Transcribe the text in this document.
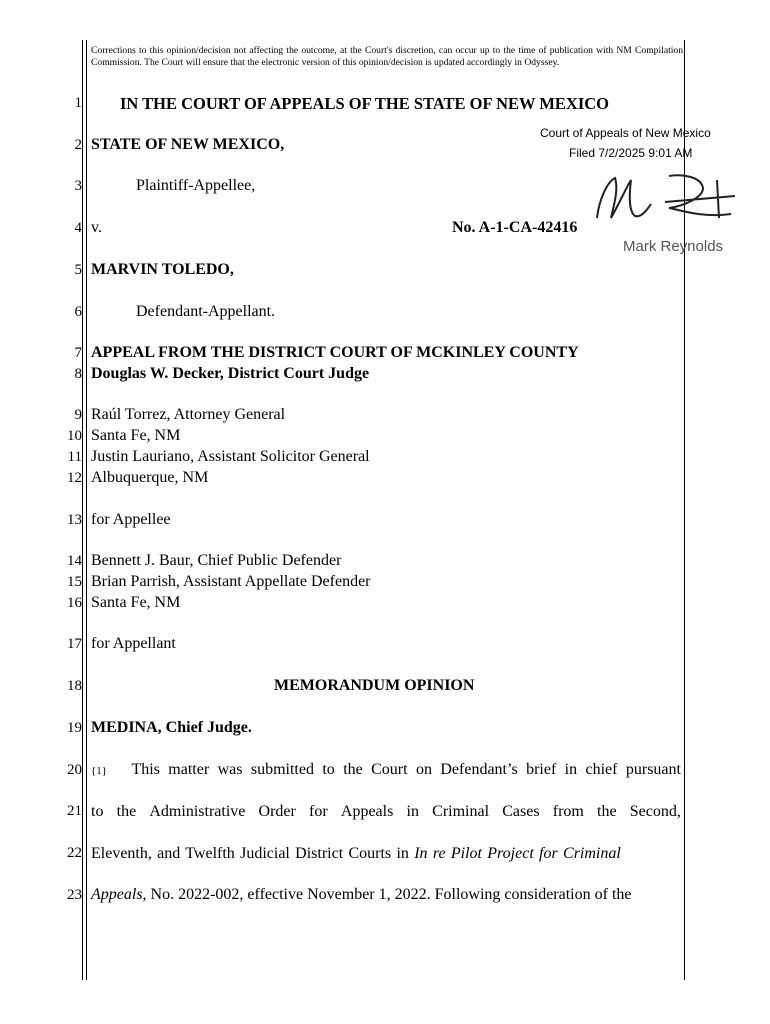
Corrections to this opinion/decision not affecting the outcome, at the Court's discretion, can occur up to the time of publication with NM Compilation Commission. The Court will ensure that the electronic version of this opinion/decision is updated accordingly in Odyssey.
Court of Appeals of New Mexico
Filed 7/2/2025 9:01 AM
Mark Reynolds
1
2
3
4
5
6
7
8
9
10
11
12
13
14
15
16
17
18
19
20
21
22
23
IN THE COURT OF APPEALS OF THE STATE OF NEW MEXICO
STATE OF NEW MEXICO,
Plaintiff-Appellee,
v.	No. A-1-CA-42416
MARVIN TOLEDO,
Defendant-Appellant.
APPEAL FROM THE DISTRICT COURT OF MCKINLEY COUNTY
Douglas W. Decker, District Court Judge
Raúl Torrez, Attorney General
Santa Fe, NM
Justin Lauriano, Assistant Solicitor General
Albuquerque, NM
for Appellee
Bennett J. Baur, Chief Public Defender
Brian Parrish, Assistant Appellate Defender
Santa Fe, NM
for Appellant
MEMORANDUM OPINION
MEDINA, Chief Judge.
{1}	This matter was submitted to the Court on Defendant’s brief in chief pursuant
to the Administrative Order for Appeals in Criminal Cases from the Second,
Eleventh, and Twelfth Judicial District Courts in In re Pilot Project for Criminal
Appeals, No. 2022-002, effective November 1, 2022. Following consideration of the
